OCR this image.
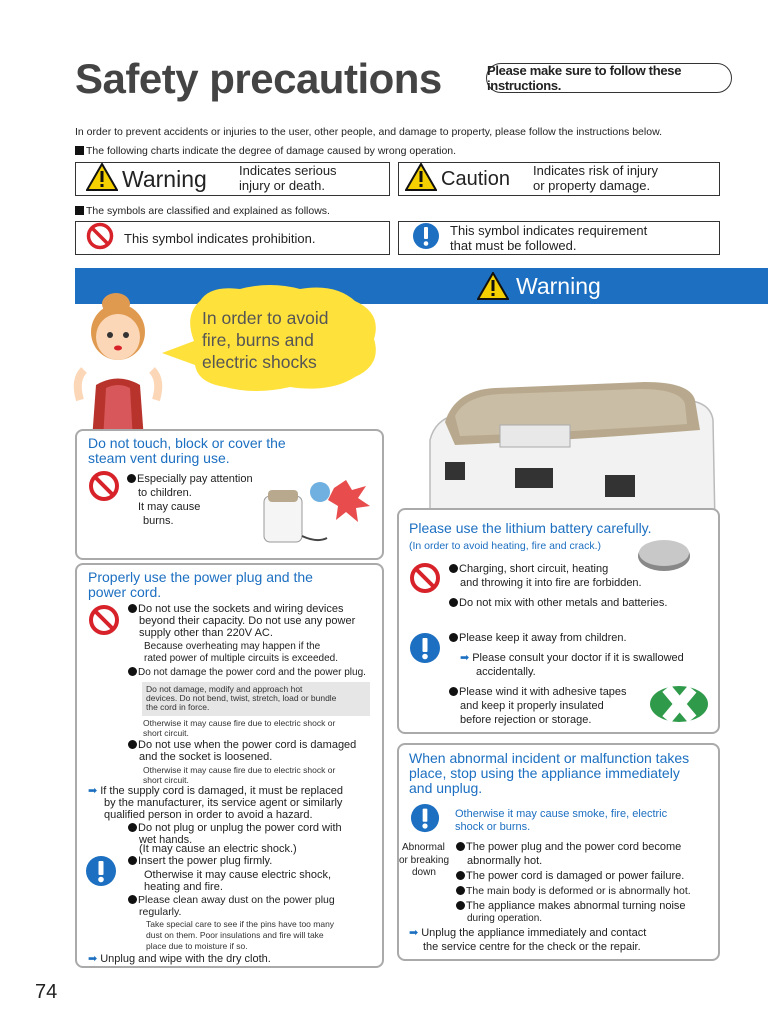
Safety precautions	Please make sure to follow these instructions.
In order to prevent accidents or injuries to the user, other people, and damage to property, please follow the instructions below.
The following charts indicate the degree of damage caused by wrong operation.
Warning Indicates serious
injury or death.	Caution Indicates risk of injury
or property damage.
The symbols are classified and explained as follows.
This symbol indicates prohibition.	This symbol indicates requirement
that must be followed.
Warning
In order to avoid
fire, burns and
electric shocks
Do not touch, block or cover the
steam vent during use.
Especially pay attention
to children.
It may cause
burns.
Properly use the power plug and the
power cord.
Do not use the sockets and wiring devices
beyond their capacity. Do not use any power
supply other than 220V AC.
Because overheating may happen if the
rated power of multiple circuits is exceeded.
Do not damage the power cord and the power plug.
Do not damage, modify and approach hot
devices. Do not bend, twist, stretch, load or bundle
the cord in force.
Otherwise it may cause fire due to electric shock or
short circuit.
Do not use when the power cord is damaged
and the socket is loosened.
Otherwise it may cause fire due to electric shock or
short circuit.
➡ If the supply cord is damaged, it must be replaced
by the manufacturer, its service agent or similarly
qualified person in order to avoid a hazard.
Do not plug or unplug the power cord with
wet hands.
(It may cause an electric shock.)
Insert the power plug firmly.
Otherwise it may cause electric shock,
heating and fire.
Please clean away dust on the power plug
regularly.
Take special care to see if the pins have too many
dust on them. Poor insulations and fire will take
place due to moisture if so.
➡ Unplug and wipe with the dry cloth.
Please use the lithium battery carefully.
(In order to avoid heating, fire and crack.)
Charging, short circuit, heating
and throwing it into fire are forbidden.
Do not mix with other metals and batteries.
Please keep it away from children.
➡ Please consult your doctor if it is swallowed
accidentally.
Please wind it with adhesive tapes
and keep it properly insulated
before rejection or storage.
When abnormal incident or malfunction takes
place, stop using the appliance immediately
and unplug.
Otherwise it may cause smoke, fire, electric
shock or burns.
Abnormal
or breaking
down
The power plug and the power cord become
abnormally hot.
The power cord is damaged or power failure.
The main body is deformed or is abnormally hot.
The appliance makes abnormal turning noise
during operation.
➡ Unplug the appliance immediately and contact
the service centre for the check or the repair.
74
